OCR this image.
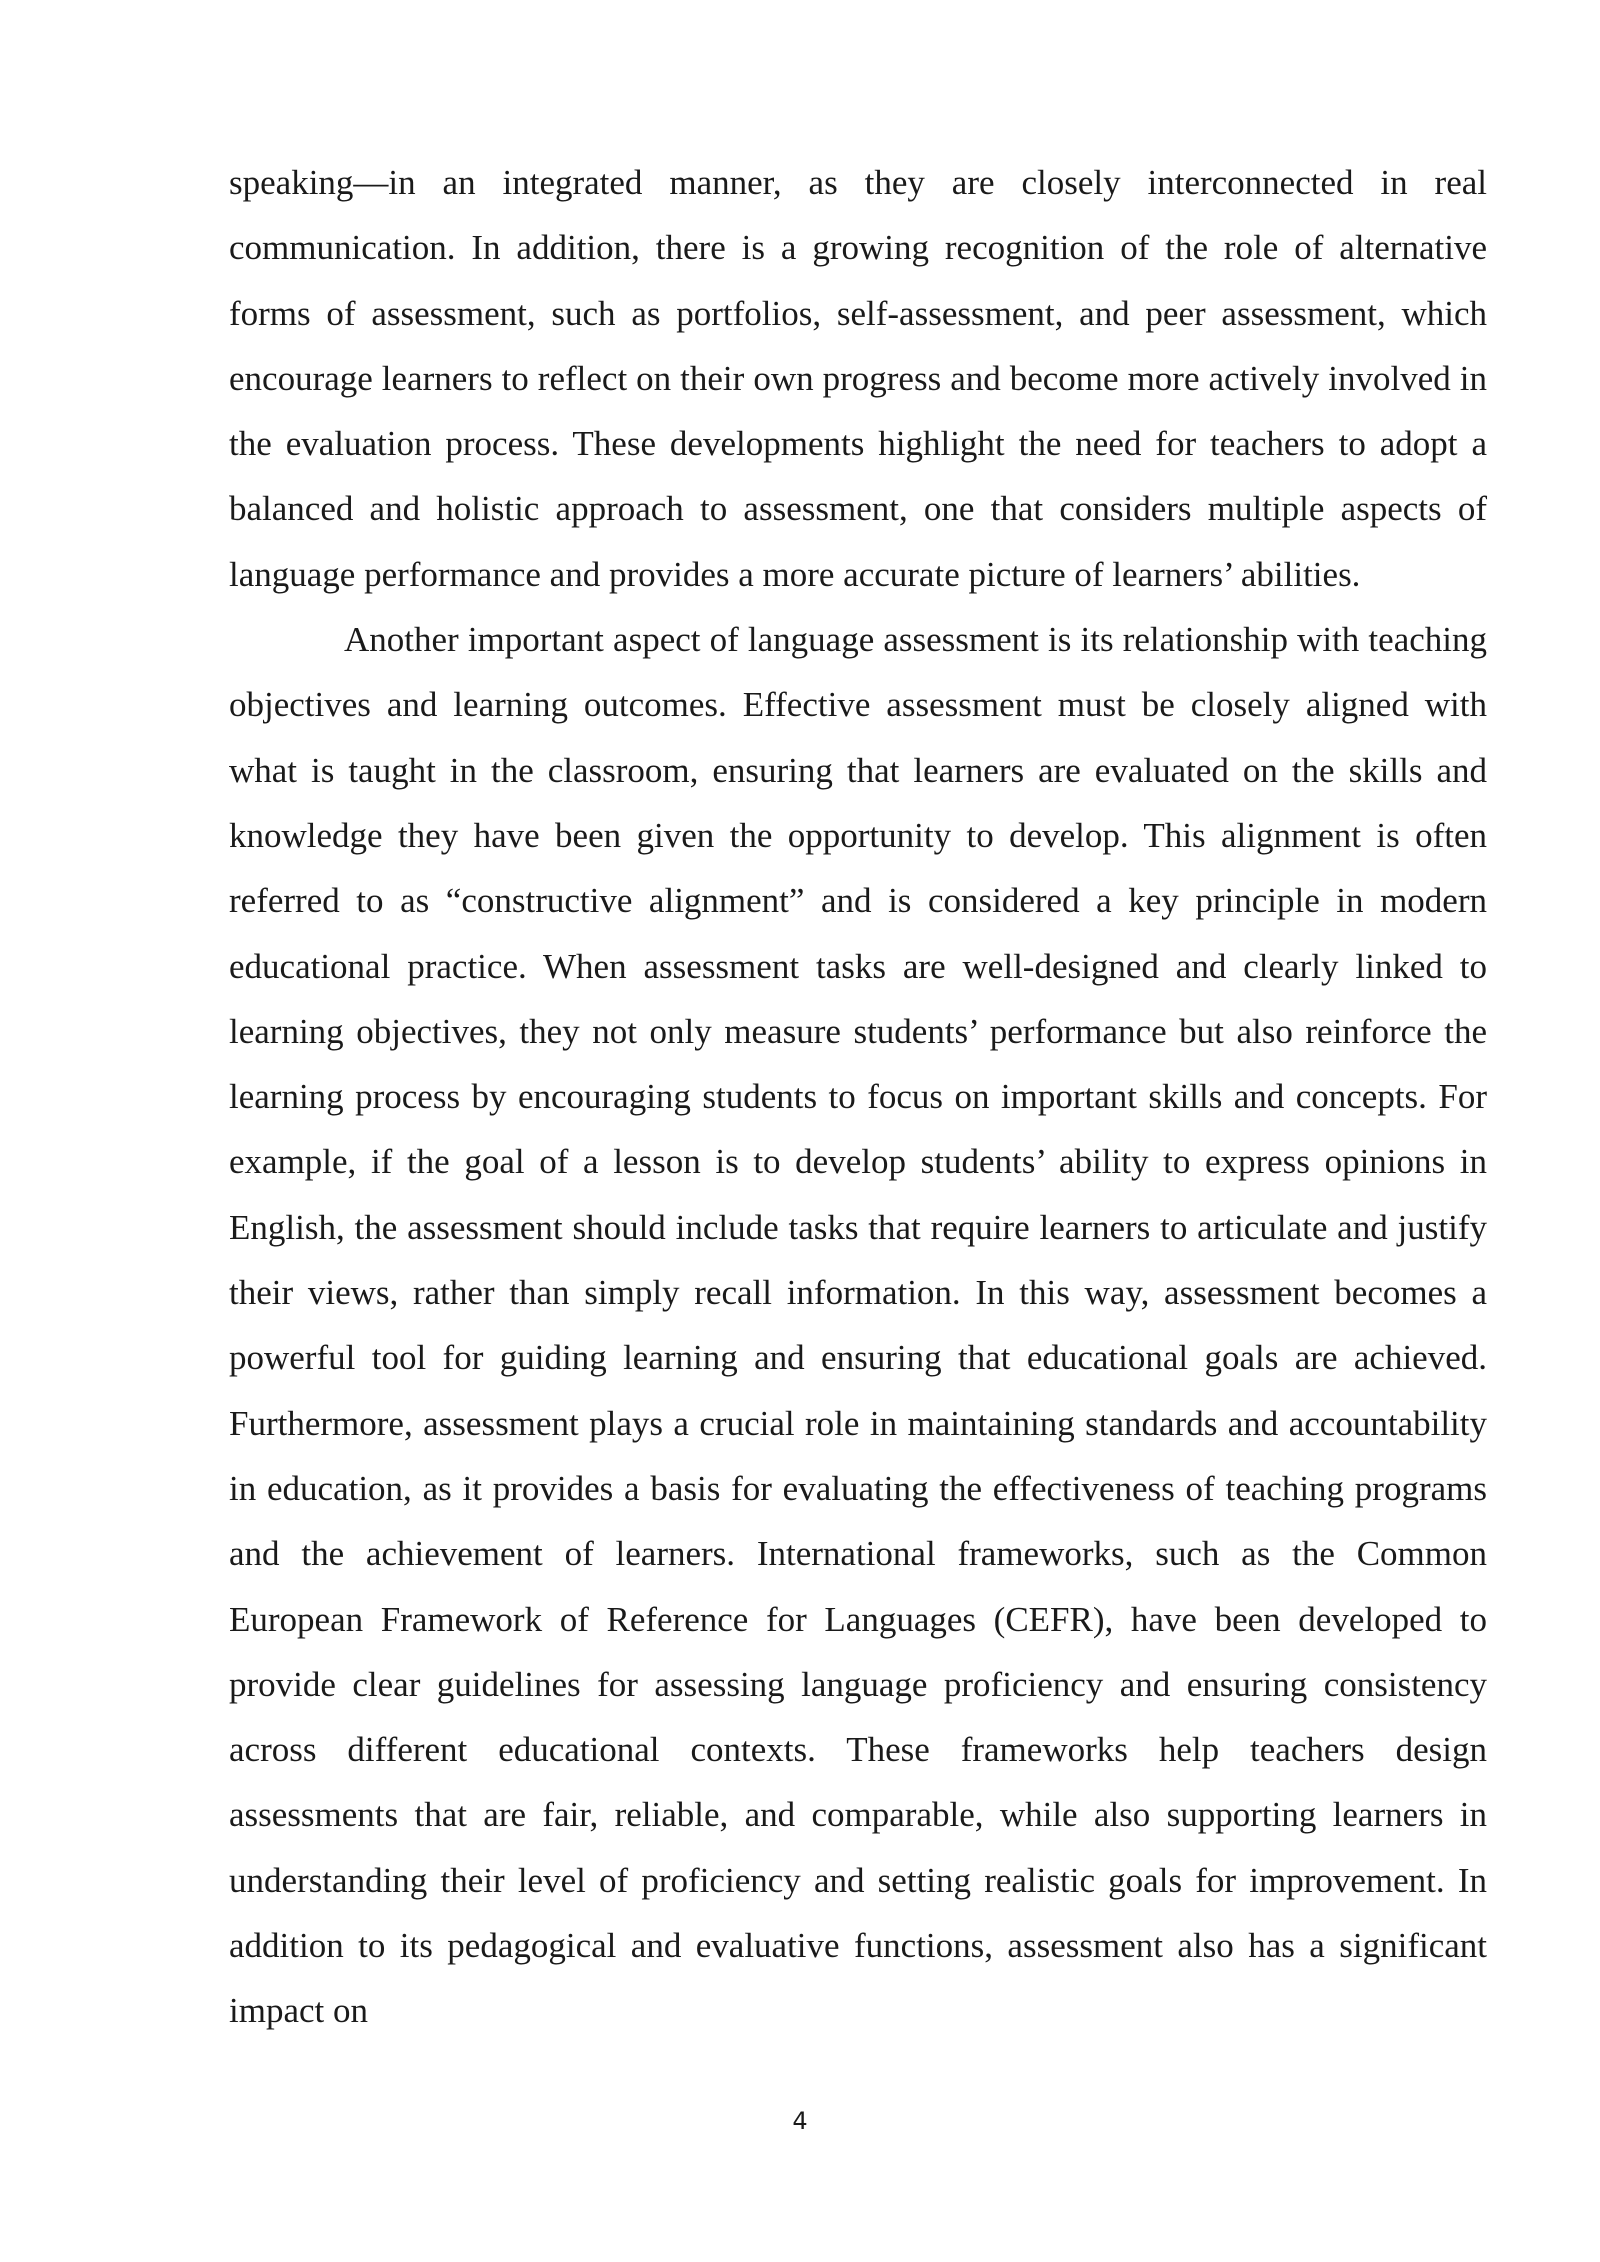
speaking—in an integrated manner, as they are closely interconnected in real communication. In addition, there is a growing recognition of the role of alternative forms of assessment, such as portfolios, self-assessment, and peer assessment, which encourage learners to reflect on their own progress and become more actively involved in the evaluation process. These developments highlight the need for teachers to adopt a balanced and holistic approach to assessment, one that considers multiple aspects of language performance and provides a more accurate picture of learners’ abilities.

Another important aspect of language assessment is its relationship with teaching objectives and learning outcomes. Effective assessment must be closely aligned with what is taught in the classroom, ensuring that learners are evaluated on the skills and knowledge they have been given the opportunity to develop. This alignment is often referred to as “constructive alignment” and is considered a key principle in modern educational practice. When assessment tasks are well-designed and clearly linked to learning objectives, they not only measure students’ performance but also reinforce the learning process by encouraging students to focus on important skills and concepts. For example, if the goal of a lesson is to develop students’ ability to express opinions in English, the assessment should include tasks that require learners to articulate and justify their views, rather than simply recall information. In this way, assessment becomes a powerful tool for guiding learning and ensuring that educational goals are achieved. Furthermore, assessment plays a crucial role in maintaining standards and accountability in education, as it provides a basis for evaluating the effectiveness of teaching programs and the achievement of learners. International frameworks, such as the Common European Framework of Reference for Languages (CEFR), have been developed to provide clear guidelines for assessing language proficiency and ensuring consistency across different educational contexts. These frameworks help teachers design assessments that are fair, reliable, and comparable, while also supporting learners in understanding their level of proficiency and setting realistic goals for improvement. In addition to its pedagogical and evaluative functions, assessment also has a significant impact on

4
